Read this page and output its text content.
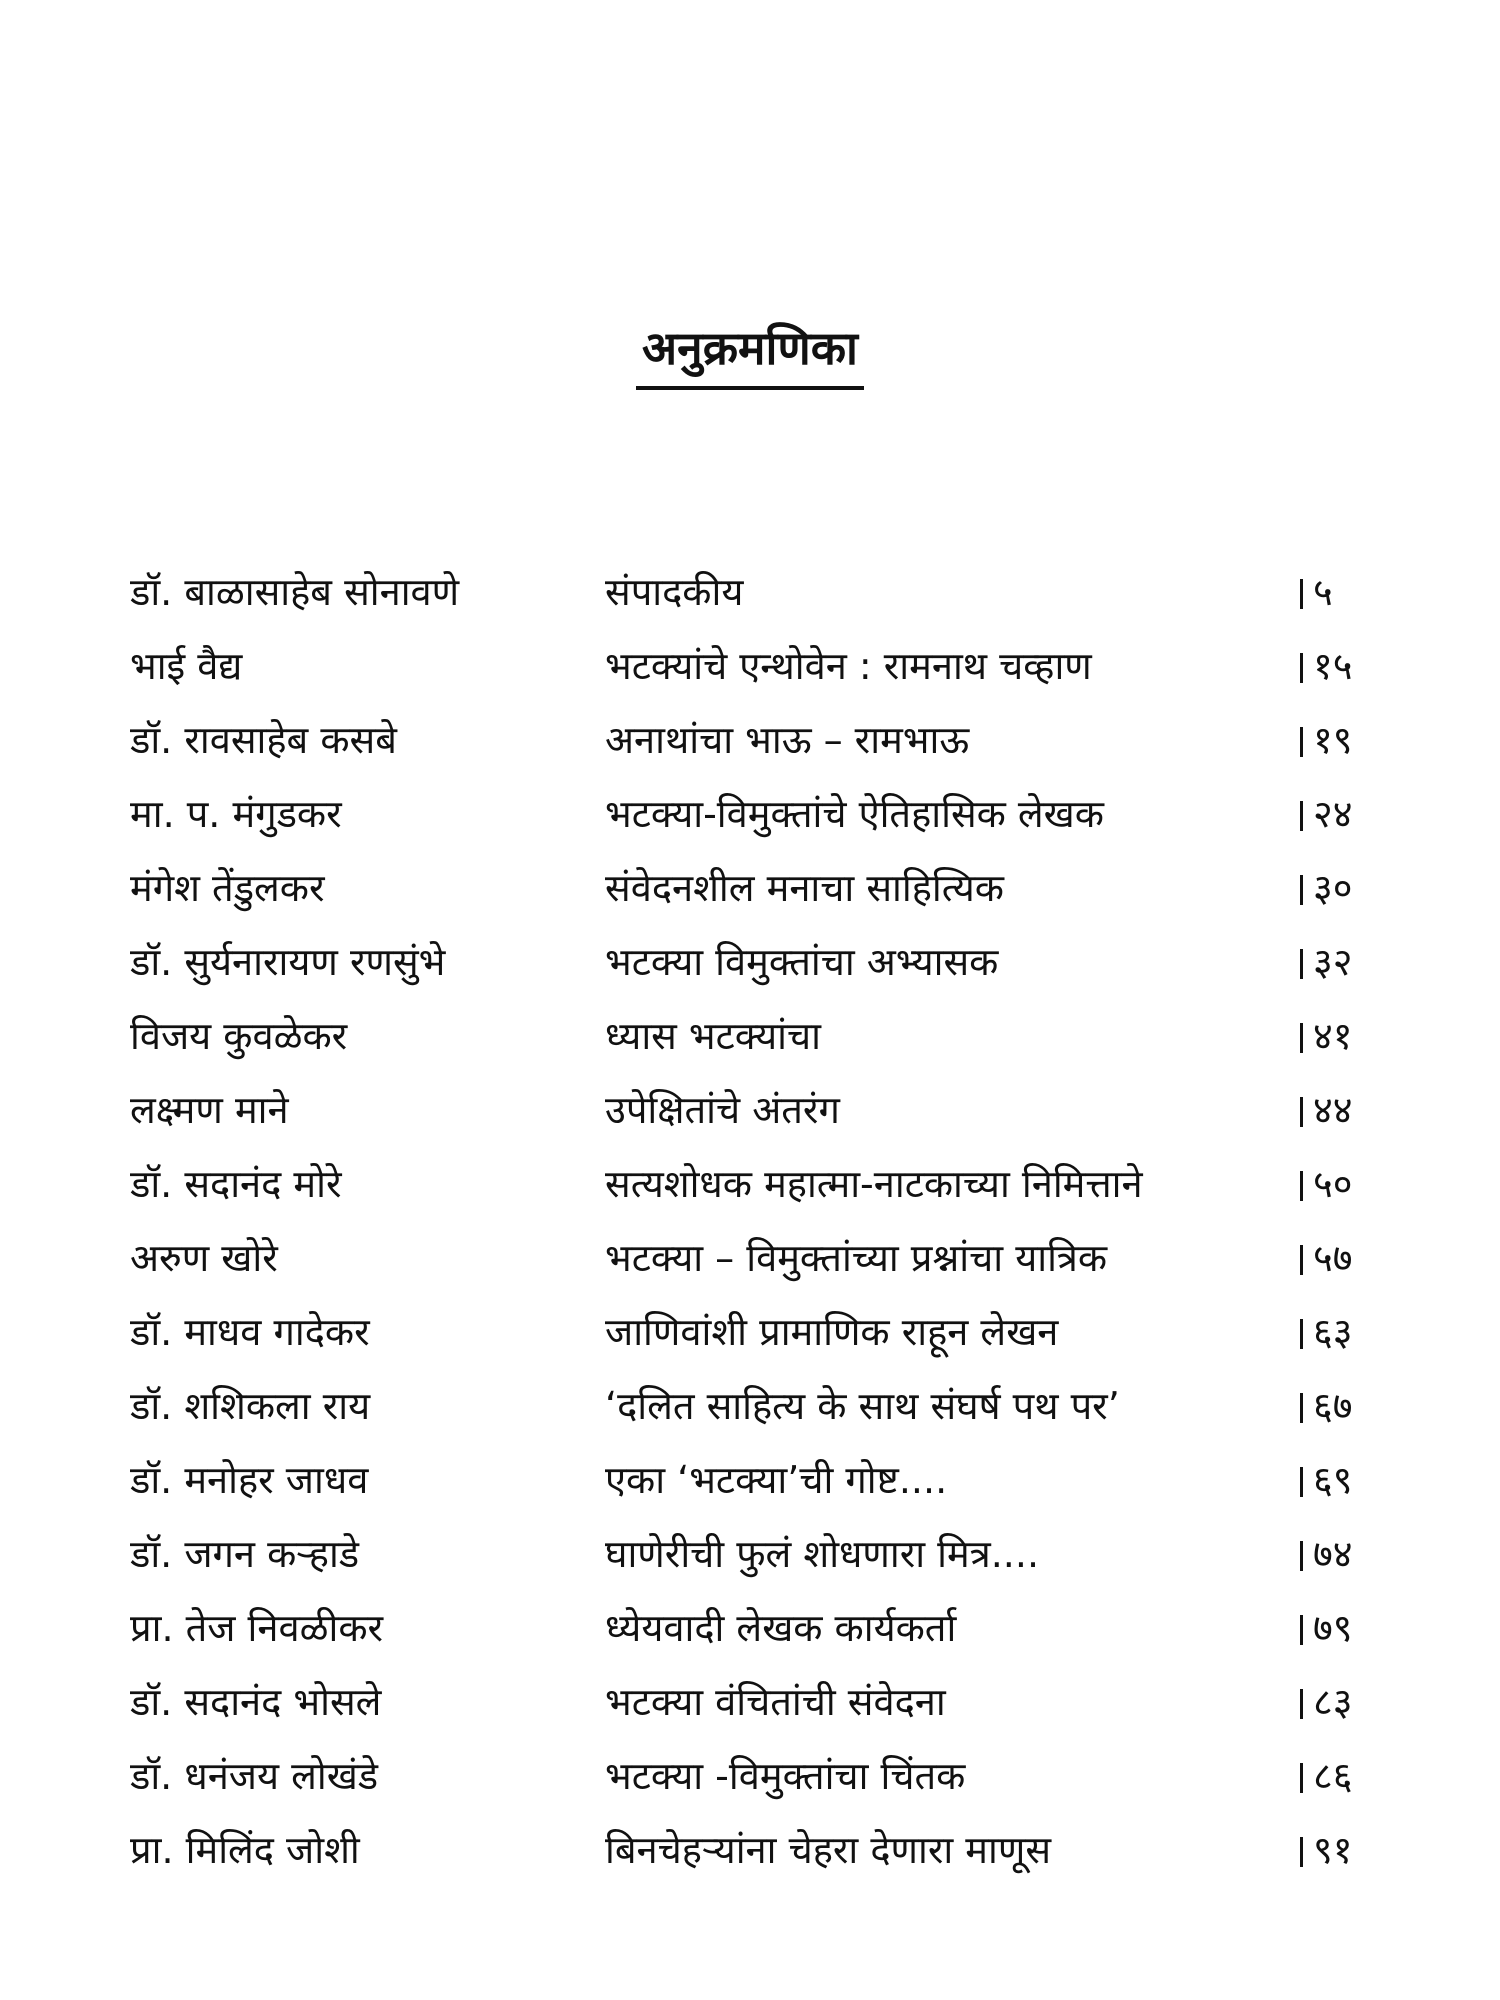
अनुक्रमणिका
डॉ. बाळासाहेब सोनावणे	संपादकीय	५
भाई वैद्य	भटक्यांचे एन्थोवेन : रामनाथ चव्हाण	१५
डॉ. रावसाहेब कसबे	अनाथांचा भाऊ – रामभाऊ	१९
मा. प. मंगुडकर	भटक्या-विमुक्तांचे ऐतिहासिक लेखक	२४
मंगेश तेंडुलकर	संवेदनशील मनाचा साहित्यिक	३०
डॉ. सुर्यनारायण रणसुंभे	भटक्या विमुक्तांचा अभ्यासक	३२
विजय कुवळेकर	ध्यास भटक्यांचा	४१
लक्ष्मण माने	उपेक्षितांचे अंतरंग	४४
डॉ. सदानंद मोरे	सत्यशोधक महात्मा-नाटकाच्या निमित्ताने	५०
अरुण खोरे	भटक्या – विमुक्तांच्या प्रश्नांचा यात्रिक	५७
डॉ. माधव गादेकर	जाणिवांशी प्रामाणिक राहून लेखन	६३
डॉ. शशिकला राय	‘दलित साहित्य के साथ संघर्ष पथ पर’	६७
डॉ. मनोहर जाधव	एका ‘भटक्या’ची गोष्ट....	६९
डॉ. जगन कऱ्हाडे	घाणेरीची फुलं शोधणारा मित्र....	७४
प्रा. तेज निवळीकर	ध्येयवादी लेखक कार्यकर्ता	७९
डॉ. सदानंद भोसले	भटक्या वंचितांची संवेदना	८३
डॉ. धनंजय लोखंडे	भटक्या -विमुक्तांचा चिंतक	८६
प्रा. मिलिंद जोशी	बिनचेहऱ्यांना चेहरा देणारा माणूस	९१
